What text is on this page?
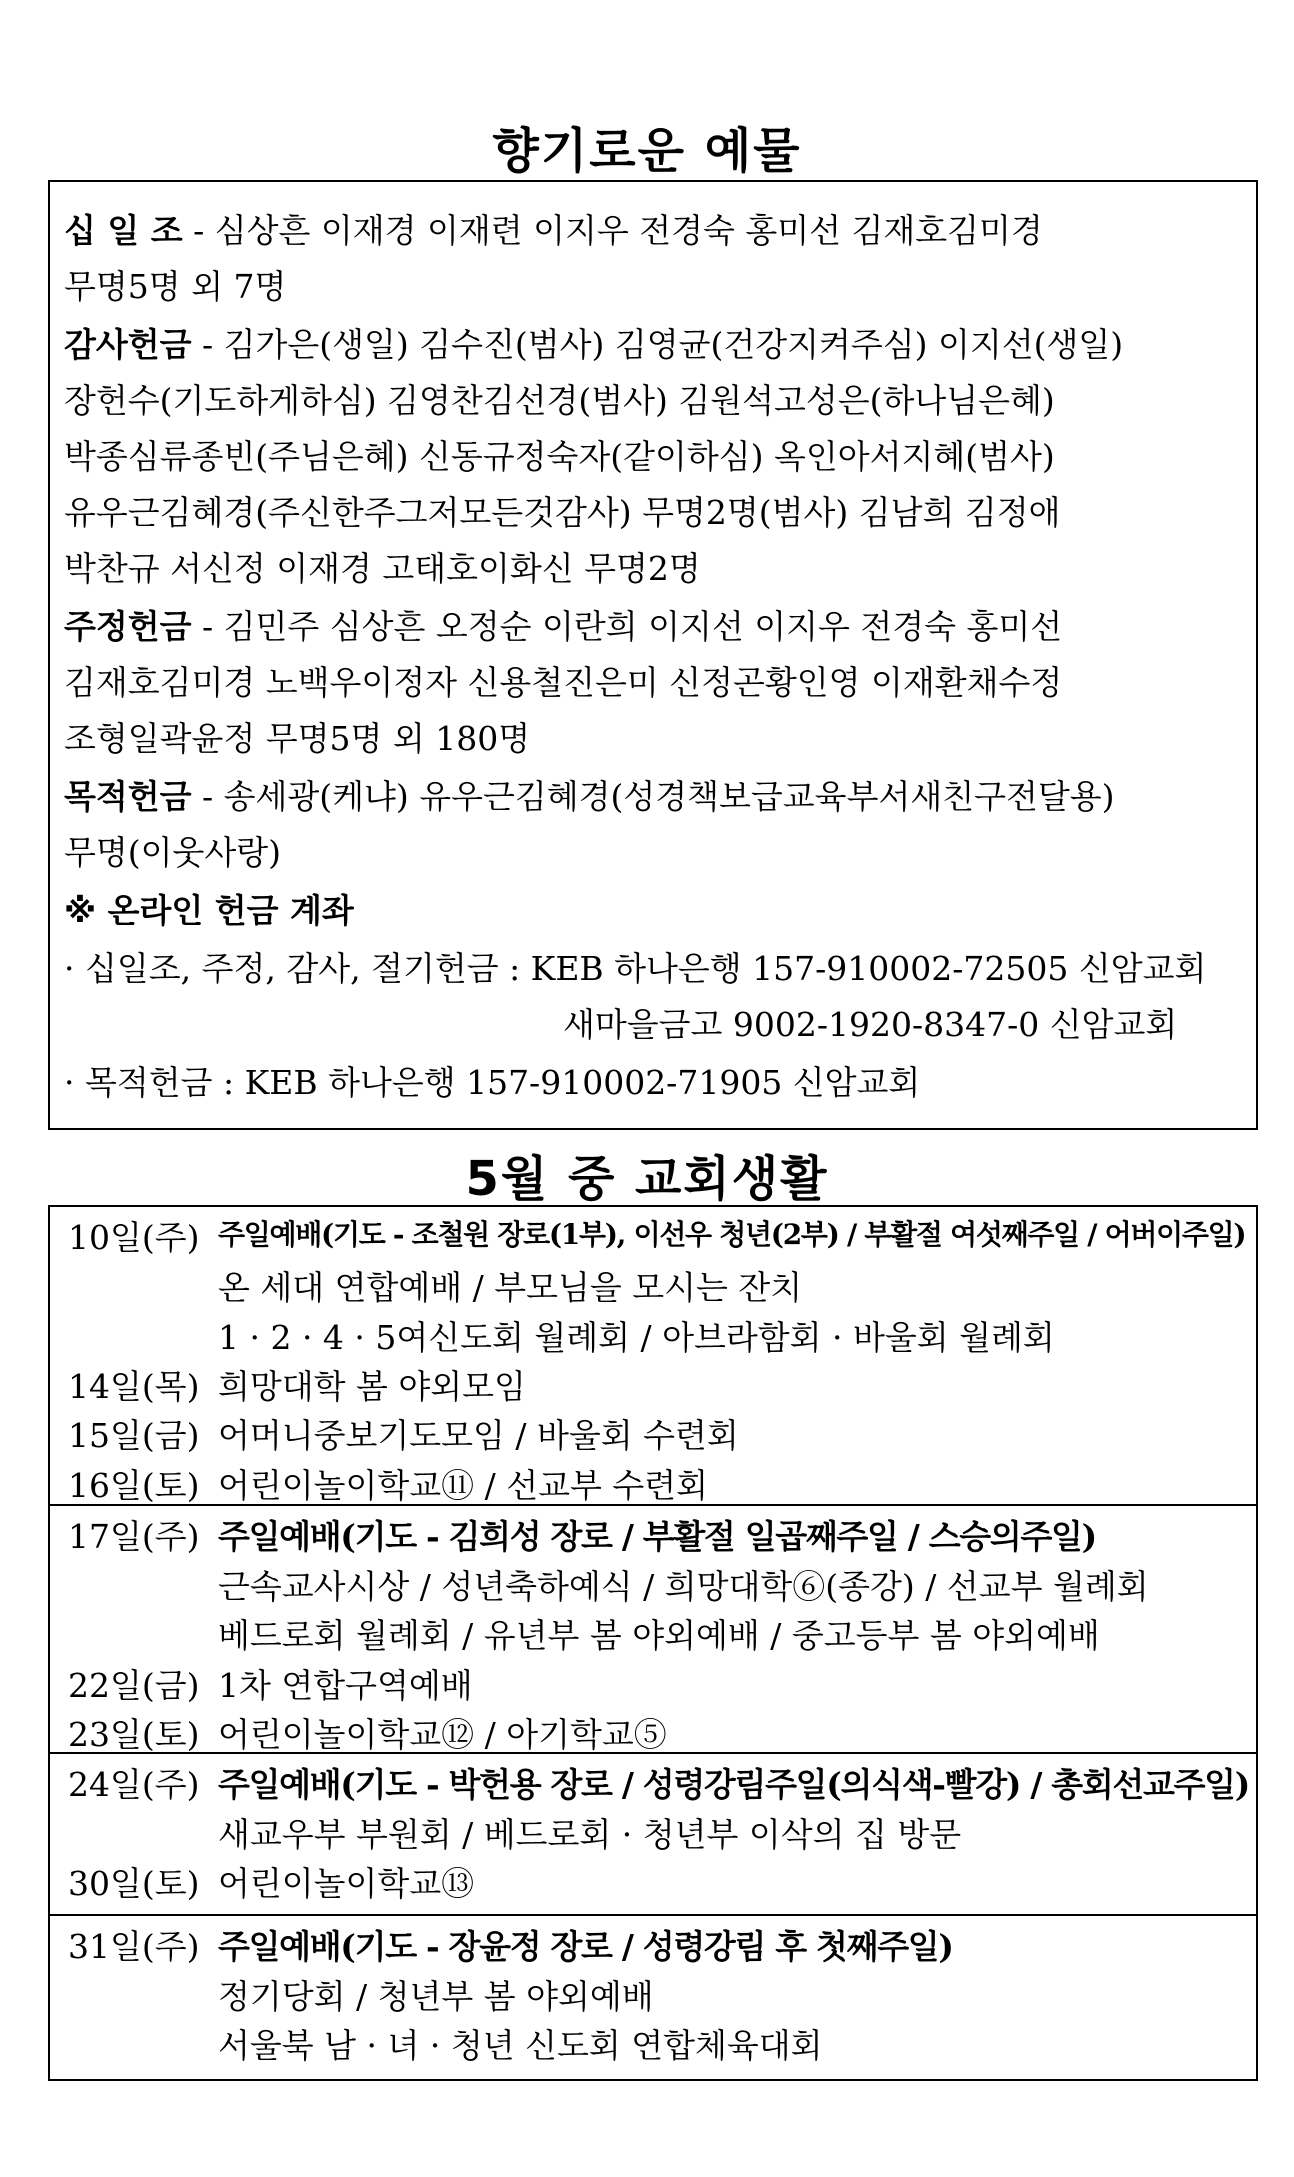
향기로운 예물
십 일 조 - 심상흔 이재경 이재련 이지우 전경숙 홍미선 김재호김미경
무명5명 외 7명
감사헌금 - 김가은(생일) 김수진(범사) 김영균(건강지켜주심) 이지선(생일)
장헌수(기도하게하심) 김영찬김선경(범사) 김원석고성은(하나님은혜)
박종심류종빈(주님은혜) 신동규정숙자(같이하심) 옥인아서지혜(범사)
유우근김혜경(주신한주그저모든것감사) 무명2명(범사) 김남희 김정애
박찬규 서신정 이재경 고태호이화신 무명2명
주정헌금 - 김민주 심상흔 오정순 이란희 이지선 이지우 전경숙 홍미선
김재호김미경 노백우이정자 신용철진은미 신정곤황인영 이재환채수정
조형일곽윤정 무명5명 외 180명
목적헌금 - 송세광(케냐) 유우근김혜경(성경책보급교육부서새친구전달용)
무명(이웃사랑)
※ 온라인 헌금 계좌
· 십일조, 주정, 감사, 절기헌금 : KEB 하나은행 157-910002-72505 신암교회
새마을금고 9002-1920-8347-0 신암교회
· 목적헌금 : KEB 하나은행 157-910002-71905 신암교회
5월 중 교회생활
10일(주) 주일예배(기도 - 조철원 장로(1부), 이선우 청년(2부) / 부활절 여섯째주일 / 어버이주일)
온 세대 연합예배 / 부모님을 모시는 잔치
1 · 2 · 4 · 5여신도회 월례회 / 아브라함회 · 바울회 월례회
14일(목) 희망대학 봄 야외모임
15일(금) 어머니중보기도모임 / 바울회 수련회
16일(토) 어린이놀이학교⑪ / 선교부 수련회
17일(주) 주일예배(기도 - 김희성 장로 / 부활절 일곱째주일 / 스승의주일)
근속교사시상 / 성년축하예식 / 희망대학⑥(종강) / 선교부 월례회
베드로회 월례회 / 유년부 봄 야외예배 / 중고등부 봄 야외예배
22일(금) 1차 연합구역예배
23일(토) 어린이놀이학교⑫ / 아기학교⑤
24일(주) 주일예배(기도 - 박헌용 장로 / 성령강림주일(의식색-빨강) / 총회선교주일)
새교우부 부원회 / 베드로회 · 청년부 이삭의 집 방문
30일(토) 어린이놀이학교⑬
31일(주) 주일예배(기도 - 장윤정 장로 / 성령강림 후 첫째주일)
정기당회 / 청년부 봄 야외예배
서울북 남 · 녀 · 청년 신도회 연합체육대회
